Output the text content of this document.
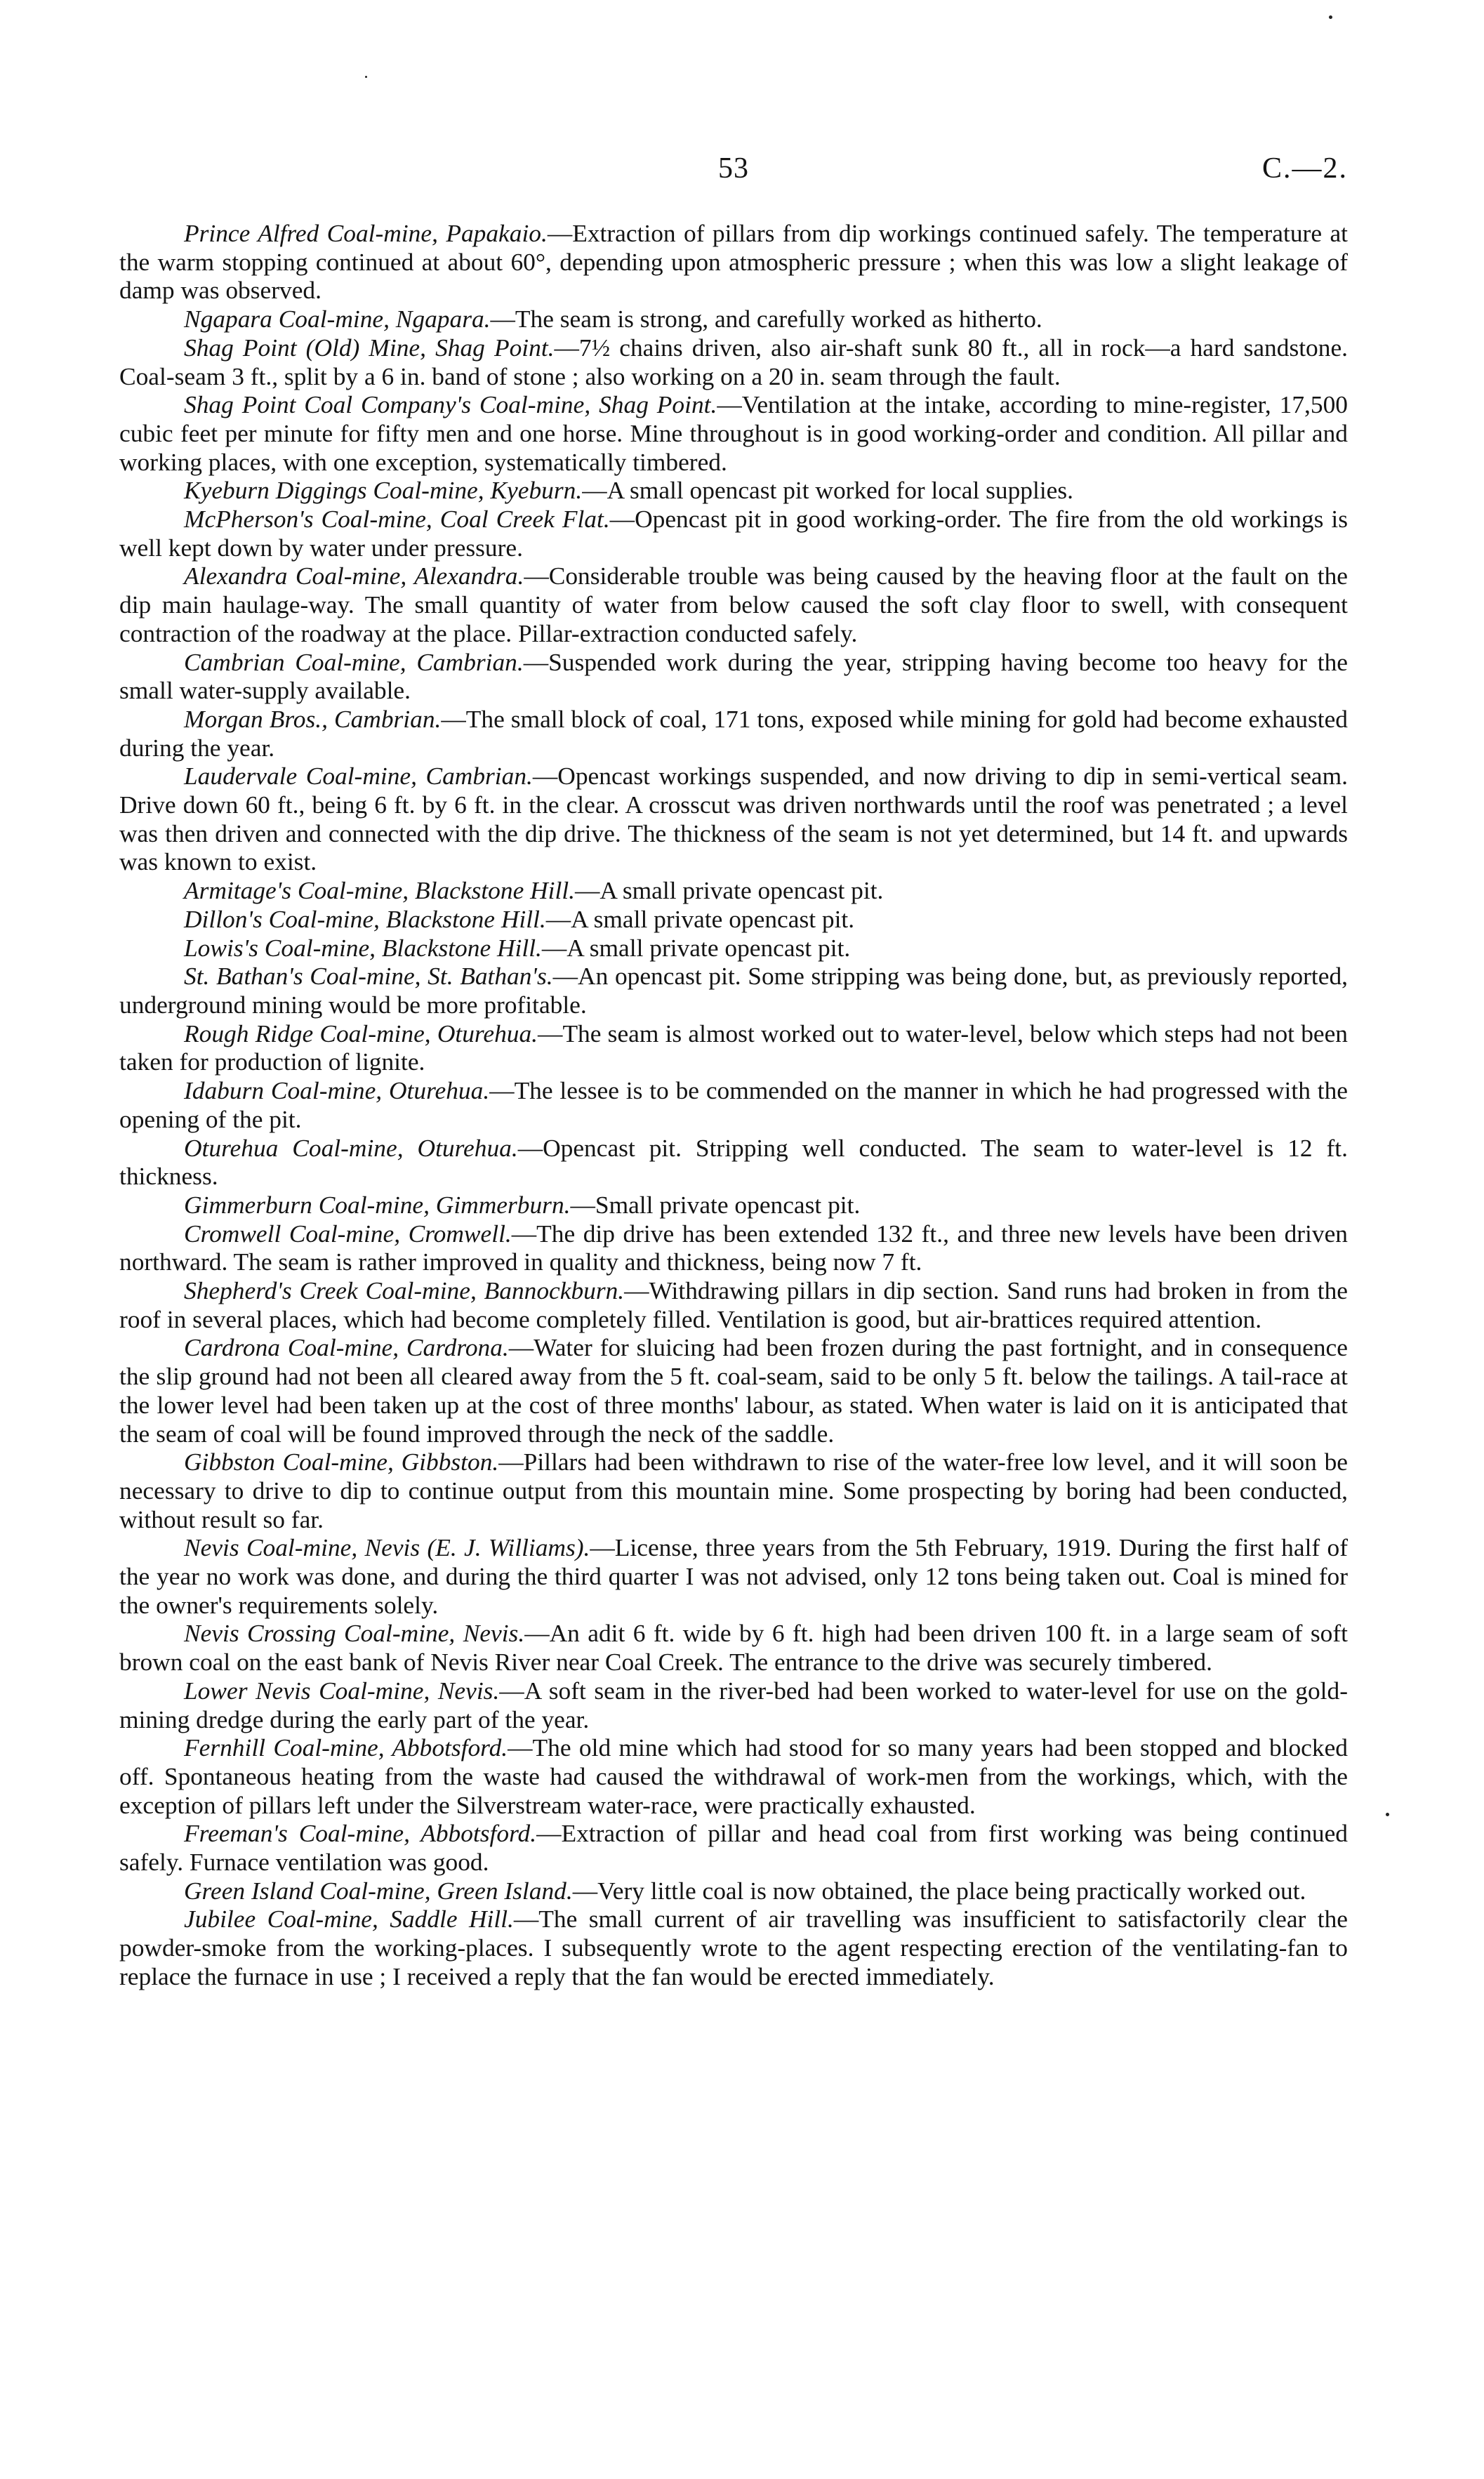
53	C.—2.

Prince Alfred Coal-mine, Papakaio.—Extraction of pillars from dip workings continued safely. The temperature at the warm stopping continued at about 60°, depending upon atmospheric pressure ; when this was low a slight leakage of damp was observed.

Ngapara Coal-mine, Ngapara.—The seam is strong, and carefully worked as hitherto.

Shag Point (Old) Mine, Shag Point.—7½ chains driven, also air-shaft sunk 80 ft., all in rock—a hard sandstone. Coal-seam 3 ft., split by a 6 in. band of stone ; also working on a 20 in. seam through the fault.

Shag Point Coal Company's Coal-mine, Shag Point.—Ventilation at the intake, according to mine-register, 17,500 cubic feet per minute for fifty men and one horse. Mine throughout is in good working-order and condition. All pillar and working places, with one exception, systematically timbered.

Kyeburn Diggings Coal-mine, Kyeburn.—A small opencast pit worked for local supplies.

McPherson's Coal-mine, Coal Creek Flat.—Opencast pit in good working-order. The fire from the old workings is well kept down by water under pressure.

Alexandra Coal-mine, Alexandra.—Considerable trouble was being caused by the heaving floor at the fault on the dip main haulage-way. The small quantity of water from below caused the soft clay floor to swell, with consequent contraction of the roadway at the place. Pillar-extraction conducted safely.

Cambrian Coal-mine, Cambrian.—Suspended work during the year, stripping having become too heavy for the small water-supply available.

Morgan Bros., Cambrian.—The small block of coal, 171 tons, exposed while mining for gold had become exhausted during the year.

Laudervale Coal-mine, Cambrian.—Opencast workings suspended, and now driving to dip in semi-vertical seam. Drive down 60 ft., being 6 ft. by 6 ft. in the clear. A crosscut was driven northwards until the roof was penetrated ; a level was then driven and connected with the dip drive. The thickness of the seam is not yet determined, but 14 ft. and upwards was known to exist.

Armitage's Coal-mine, Blackstone Hill.—A small private opencast pit.

Dillon's Coal-mine, Blackstone Hill.—A small private opencast pit.

Lowis's Coal-mine, Blackstone Hill.—A small private opencast pit.

St. Bathan's Coal-mine, St. Bathan's.—An opencast pit. Some stripping was being done, but, as previously reported, underground mining would be more profitable.

Rough Ridge Coal-mine, Oturehua.—The seam is almost worked out to water-level, below which steps had not been taken for production of lignite.

Idaburn Coal-mine, Oturehua.—The lessee is to be commended on the manner in which he had progressed with the opening of the pit.

Oturehua Coal-mine, Oturehua.—Opencast pit. Stripping well conducted. The seam to water-level is 12 ft. thickness.

Gimmerburn Coal-mine, Gimmerburn.—Small private opencast pit.

Cromwell Coal-mine, Cromwell.—The dip drive has been extended 132 ft., and three new levels have been driven northward. The seam is rather improved in quality and thickness, being now 7 ft.

Shepherd's Creek Coal-mine, Bannockburn.—Withdrawing pillars in dip section. Sand runs had broken in from the roof in several places, which had become completely filled. Ventilation is good, but air-brattices required attention.

Cardrona Coal-mine, Cardrona.—Water for sluicing had been frozen during the past fortnight, and in consequence the slip ground had not been all cleared away from the 5 ft. coal-seam, said to be only 5 ft. below the tailings. A tail-race at the lower level had been taken up at the cost of three months' labour, as stated. When water is laid on it is anticipated that the seam of coal will be found improved through the neck of the saddle.

Gibbston Coal-mine, Gibbston.—Pillars had been withdrawn to rise of the water-free low level, and it will soon be necessary to drive to dip to continue output from this mountain mine. Some prospecting by boring had been conducted, without result so far.

Nevis Coal-mine, Nevis (E. J. Williams).—License, three years from the 5th February, 1919. During the first half of the year no work was done, and during the third quarter I was not advised, only 12 tons being taken out. Coal is mined for the owner's requirements solely.

Nevis Crossing Coal-mine, Nevis.—An adit 6 ft. wide by 6 ft. high had been driven 100 ft. in a large seam of soft brown coal on the east bank of Nevis River near Coal Creek. The entrance to the drive was securely timbered.

Lower Nevis Coal-mine, Nevis.—A soft seam in the river-bed had been worked to water-level for use on the gold-mining dredge during the early part of the year.

Fernhill Coal-mine, Abbotsford.—The old mine which had stood for so many years had been stopped and blocked off. Spontaneous heating from the waste had caused the withdrawal of work-men from the workings, which, with the exception of pillars left under the Silverstream water-race, were practically exhausted.

Freeman's Coal-mine, Abbotsford.—Extraction of pillar and head coal from first working was being continued safely. Furnace ventilation was good.

Green Island Coal-mine, Green Island.—Very little coal is now obtained, the place being practically worked out.

Jubilee Coal-mine, Saddle Hill.—The small current of air travelling was insufficient to satisfactorily clear the powder-smoke from the working-places. I subsequently wrote to the agent respecting erection of the ventilating-fan to replace the furnace in use ; I received a reply that the fan would be erected immediately.
